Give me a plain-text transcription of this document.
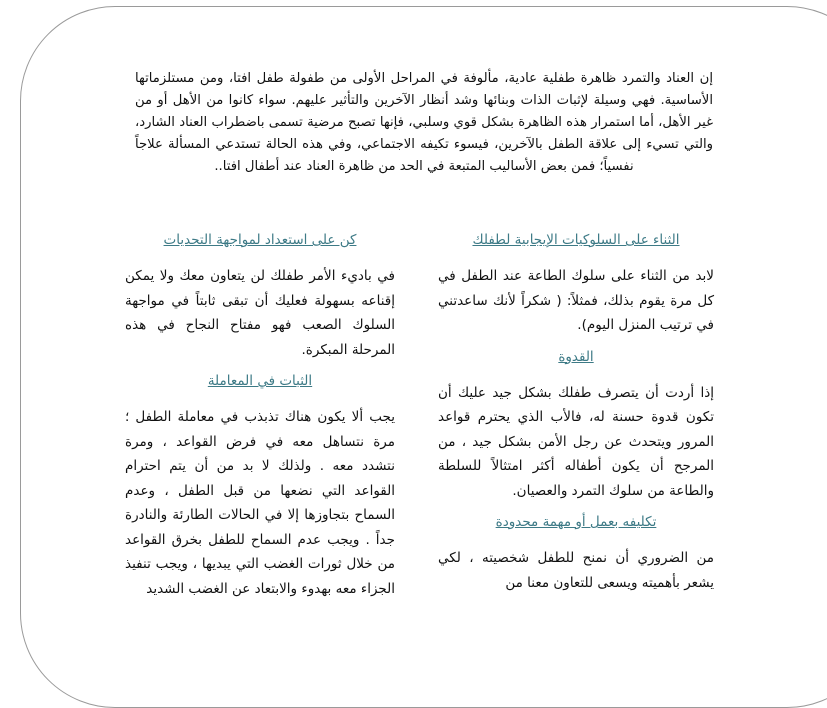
إن العناد والتمرد ظاهرة طفلية عادية، مألوفة في المراحل الأولى من طفولة طفل افتا، ومن مستلزماتها الأساسية. فهي وسيلة لإثبات الذات وبنائها وشد أنظار الآخرين والتأثير عليهم. سواء كانوا من الأهل أو من غير الأهل، أما استمرار هذه الظاهرة بشكل قوي وسلبي، فإنها تصبح مرضية تسمى باضطراب العناد الشارد، والتي تسيء إلى علاقة الطفل بالآخرين، فيسوء تكيفه الاجتماعي، وفي هذه الحالة تستدعي المسألة علاجاً نفسياً؛ فمن بعض الأساليب المتبعة في الحد من ظاهرة العناد عند أطفال افتا..

الثناء على السلوكيات الإيجابية لطفلك

لابد من الثناء على سلوك الطاعة عند الطفل في كل مرة يقوم بذلك، فمثلاً: ( شكراً لأنك ساعدتني في ترتيب المنزل اليوم).

القدوة

إذا أردت أن يتصرف طفلك بشكل جيد عليك أن تكون قدوة حسنة له، فالأب الذي يحترم قواعد المرور ويتحدث عن رجل الأمن بشكل جيد ، من المرجح أن يكون أطفاله أكثر امتثالاً للسلطة والطاعة من سلوك التمرد والعصيان.

تكليفه بعمل أو مهمة محدودة

من الضروري أن نمنح للطفل شخصيته ، لكي يشعر بأهميته ويسعى للتعاون معنا من

كن على استعداد لمواجهة التحديات

في باديء الأمر طفلك لن يتعاون معك ولا يمكن إقناعه بسهولة فعليك أن تبقى ثابتاً في مواجهة السلوك الصعب فهو مفتاح النجاح في هذه المرحلة المبكرة.

الثبات في المعاملة

يجب ألا يكون هناك تذبذب في معاملة الطفل ؛ مرة نتساهل معه في فرض القواعد ، ومرة نتشدد معه . ولذلك لا بد من أن يتم احترام القواعد التي نضعها من قبل الطفل ، وعدم السماح بتجاوزها إلا في الحالات الطارئة والنادرة جداً . ويجب عدم السماح للطفل بخرق القواعد من خلال ثورات الغضب التي يبديها ، ويجب تنفيذ الجزاء معه بهدوء والابتعاد عن الغضب الشديد
